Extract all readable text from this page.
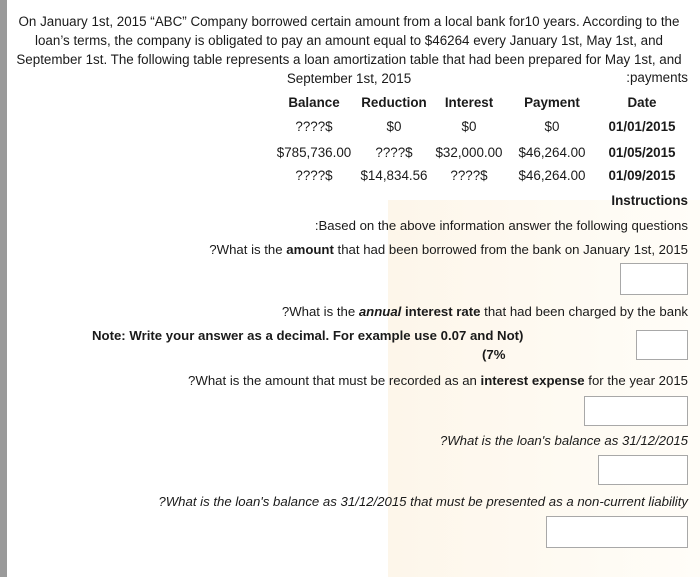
On January 1st, 2015 “ABC” Company borrowed certain amount from a local bank for10 years. According to the loan’s terms, the company is obligated to pay an amount equal to $46264 every January 1st, May 1st, and September 1st. The following table represents a loan amortization table that had been prepared for May 1st, and September 1st, 2015	:payments
Balance	Reduction	Interest	Payment	Date
????$	$0	$0	$0	01/01/2015
$785,736.00	????$	$32,000.00	$46,264.00	01/05/2015
????$	$14,834.56	????$	$46,264.00	01/09/2015
Instructions
:Based on the above information answer the following questions
?What is the amount that had been borrowed from the bank on January 1st, 2015
?What is the annual interest rate that had been charged by the bank
Note: Write your answer as a decimal. For example use 0.07 and Not)
(7%
?What is the amount that must be recorded as an interest expense for the year 2015
?What is the loan's balance as 31/12/2015
?What is the loan's balance as 31/12/2015 that must be presented as a non-current liability
